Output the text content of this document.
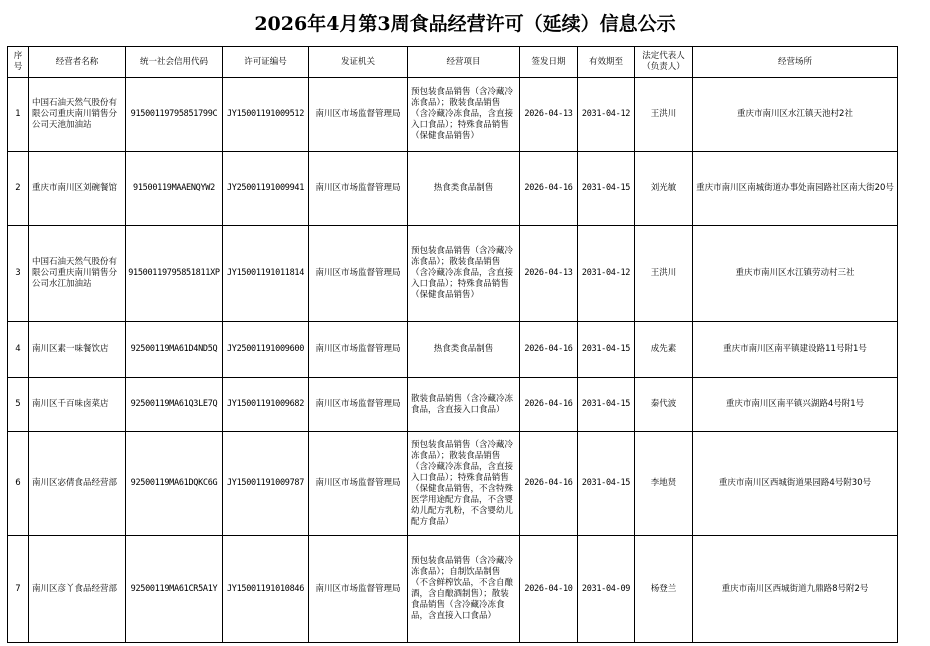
2026年4月第3周食品经营许可（延续）信息公示
序号	经营者名称	统一社会信用代码	许可证编号	发证机关	经营项目	签发日期	有效期至	法定代表人（负责人）	经营场所
1	中国石油天然气股份有限公司重庆南川销售分公司天池加油站	91500119795851799C	JY15001191009512	南川区市场监督管理局	预包装食品销售（含冷藏冷冻食品）；散装食品销售（含冷藏冷冻食品，含直接入口食品）；特殊食品销售（保健食品销售）	2026-04-13	2031-04-12	王洪川	重庆市南川区水江镇天池村2社
2	重庆市南川区刘碗餐馆	91500119MAAENQYW2	JY25001191009941	南川区市场监督管理局	热食类食品制售	2026-04-16	2031-04-15	刘光敏	重庆市南川区南城街道办事处南园路社区南大街20号
3	中国石油天然气股份有限公司重庆南川销售分公司水江加油站	91500119795851811XP	JY15001191011814	南川区市场监督管理局	预包装食品销售（含冷藏冷冻食品）；散装食品销售（含冷藏冷冻食品，含直接入口食品）；特殊食品销售（保健食品销售）	2026-04-13	2031-04-12	王洪川	重庆市南川区水江镇劳动村三社
4	南川区素一味餐饮店	92500119MA61D4ND5Q	JY25001191009600	南川区市场监督管理局	热食类食品制售	2026-04-16	2031-04-15	成先素	重庆市南川区南平镇建设路11号附1号
5	南川区千百味卤菜店	92500119MA61Q3LE7Q	JY15001191009682	南川区市场监督管理局	散装食品销售（含冷藏冷冻食品，含直接入口食品）	2026-04-16	2031-04-15	秦代波	重庆市南川区南平镇兴湖路4号附1号
6	南川区宓倩食品经营部	92500119MA61DQKC6G	JY15001191009787	南川区市场监督管理局	预包装食品销售（含冷藏冷冻食品）；散装食品销售（含冷藏冷冻食品，含直接入口食品）；特殊食品销售（保健食品销售，不含特殊医学用途配方食品，不含婴幼儿配方乳粉，不含婴幼儿配方食品）	2026-04-16	2031-04-15	李地贤	重庆市南川区西城街道果园路4号附30号
7	南川区彦丫食品经营部	92500119MA61CR5A1Y	JY15001191010846	南川区市场监督管理局	预包装食品销售（含冷藏冷冻食品）；自制饮品制售（不含鲜榨饮品，不含自酿酒，含自酿酒制售）；散装食品销售（含冷藏冷冻食品，含直接入口食品）	2026-04-10	2031-04-09	杨登兰	重庆市南川区西城街道九鼎路8号附2号
